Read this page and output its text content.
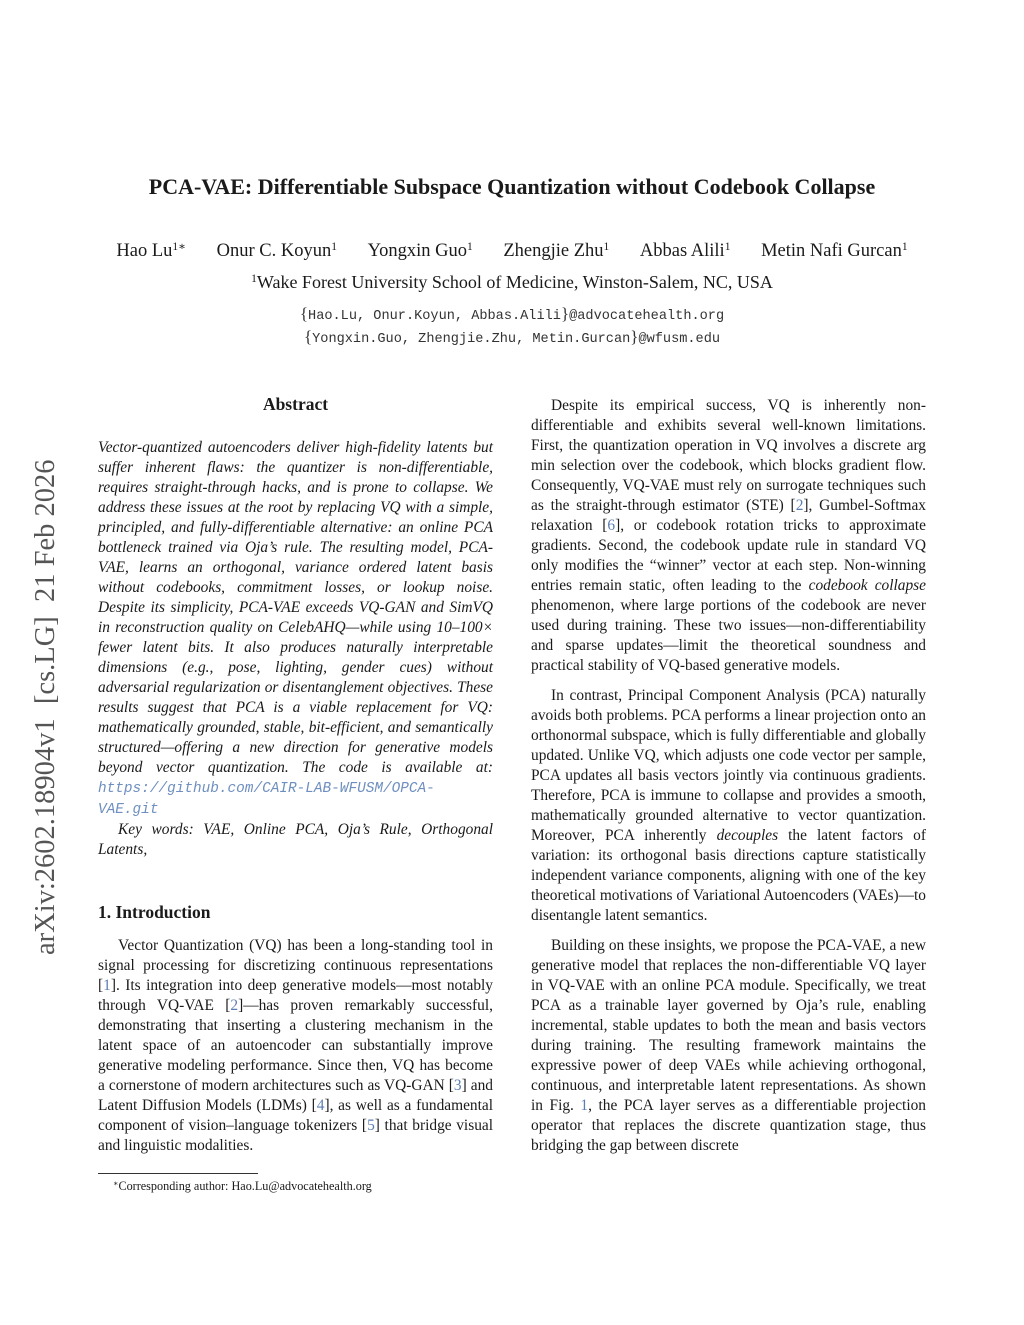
arXiv:2602.18904v1  [cs.LG]  21 Feb 2026
PCA-VAE: Differentiable Subspace Quantization without Codebook Collapse
Hao $Lu^{1∗}$ Onur C. Koyun$^1$ Yongxin Guo$^1$ Zhengjie Zhu$^1$ Abbas Alili$^1$ Metin Nafi Gurcan$^1$
$^1$Wake Forest University School of Medicine, Winston-Salem, NC, USA
{Hao.Lu, Onur.Koyun, Abbas.Alili}@advocatehealth.org
{Yongxin.Guo, Zhengjie.Zhu, Metin.Gurcan}@wfusm.edu
Abstract

Vector-quantized autoencoders deliver high-fidelity latents but suffer inherent flaws: the quantizer is non-differentiable, requires straight-through hacks, and is prone to collapse. We address these issues at the root by replacing VQ with a simple, principled, and fully-differentiable alternative: an online PCA bottleneck trained via Oja’s rule. The resulting model, PCA-VAE, learns an orthogonal, variance ordered latent basis without codebooks, commitment losses, or lookup noise. Despite its simplicity, PCA-VAE exceeds VQ-GAN and SimVQ in reconstruction quality on CelebAHQ—while using 10–100× fewer latent bits. It also produces naturally interpretable dimensions (e.g., pose, lighting, gender cues) without adversarial regularization or disentanglement objectives. These results suggest that PCA is a viable replacement for VQ: mathematically grounded, stable, bit-efficient, and semantically structured—offering a new direction for generative models beyond vector quantization. The code is available at: https://github.com/CAIR-LAB-WFUSM/OPCA-VAE.git

Key words: VAE, Online PCA, Oja’s Rule, Orthogonal Latents,

1. Introduction

Vector Quantization (VQ) has been a long-standing tool in signal processing for discretizing continuous representations [1]. Its integration into deep generative models—most notably through VQ-VAE [2]—has proven remarkably successful, demonstrating that inserting a clustering mechanism in the latent space of an autoencoder can substantially improve generative modeling performance. Since then, VQ has become a cornerstone of modern architectures such as VQ-GAN [3] and Latent Diffusion Models (LDMs) [4], as well as a fundamental component of vision–language tokenizers [5] that bridge visual and linguistic modalities.

Despite its empirical success, VQ is inherently non-differentiable and exhibits several well-known limitations. First, the quantization operation in VQ involves a discrete arg min selection over the codebook, which blocks gradient flow. Consequently, VQ-VAE must rely on surrogate techniques such as the straight-through estimator (STE) [2], Gumbel-Softmax relaxation [6], or codebook rotation tricks to approximate gradients. Second, the codebook update rule in standard VQ only modifies the “winner” vector at each step. Non-winning entries remain static, often leading to the codebook collapse phenomenon, where large portions of the codebook are never used during training. These two issues—non-differentiability and sparse updates—limit the theoretical soundness and practical stability of VQ-based generative models.

In contrast, Principal Component Analysis (PCA) naturally avoids both problems. PCA performs a linear projection onto an orthonormal subspace, which is fully differentiable and globally updated. Unlike VQ, which adjusts one code vector per sample, PCA updates all basis vectors jointly via continuous gradients. Therefore, PCA is immune to collapse and provides a smooth, mathematically grounded alternative to vector quantization. Moreover, PCA inherently decouples the latent factors of variation: its orthogonal basis directions capture statistically independent variance components, aligning with one of the key theoretical motivations of Variational Autoencoders (VAEs)—to disentangle latent semantics.

Building on these insights, we propose the PCA-VAE, a new generative model that replaces the non-differentiable VQ layer in VQ-VAE with an online PCA module. Specifically, we treat PCA as a trainable layer governed by Oja’s rule, enabling incremental, stable updates to both the mean and basis vectors during training. The resulting framework maintains the expressive power of deep VAEs while achieving orthogonal, continuous, and interpretable latent representations. As shown in Fig. 1, the PCA layer serves as a differentiable projection operator that replaces the discrete quantization stage, thus bridging the gap between discrete

∗Corresponding author: Hao.Lu@advocatehealth.org
